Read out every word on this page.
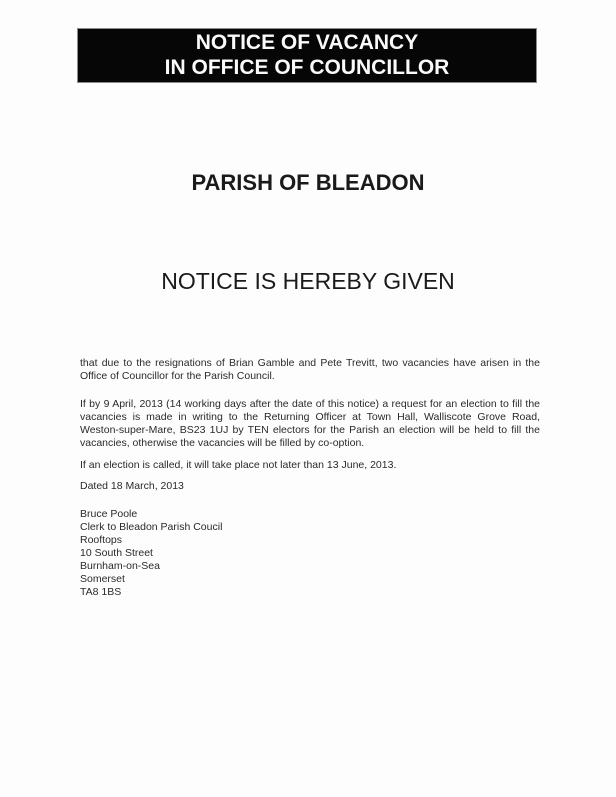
NOTICE OF VACANCY
IN OFFICE OF COUNCILLOR
PARISH OF BLEADON
NOTICE IS HEREBY GIVEN
that due to the resignations of Brian Gamble and Pete Trevitt, two vacancies have arisen in the
Office of Councillor for the Parish Council.
If by 9 April, 2013 (14 working days after the date of this notice) a request for an election to fill the
vacancies is made in writing to the Returning Officer at Town Hall, Walliscote Grove Road,
Weston-super-Mare, BS23 1UJ by TEN electors for the Parish an election will be held to fill the
vacancies, otherwise the vacancies will be filled by co-option.
If an election is called, it will take place not later than 13 June, 2013.
Dated 18 March, 2013
Bruce Poole
Clerk to Bleadon Parish Coucil
Rooftops
10 South Street
Burnham-on-Sea
Somerset
TA8 1BS
